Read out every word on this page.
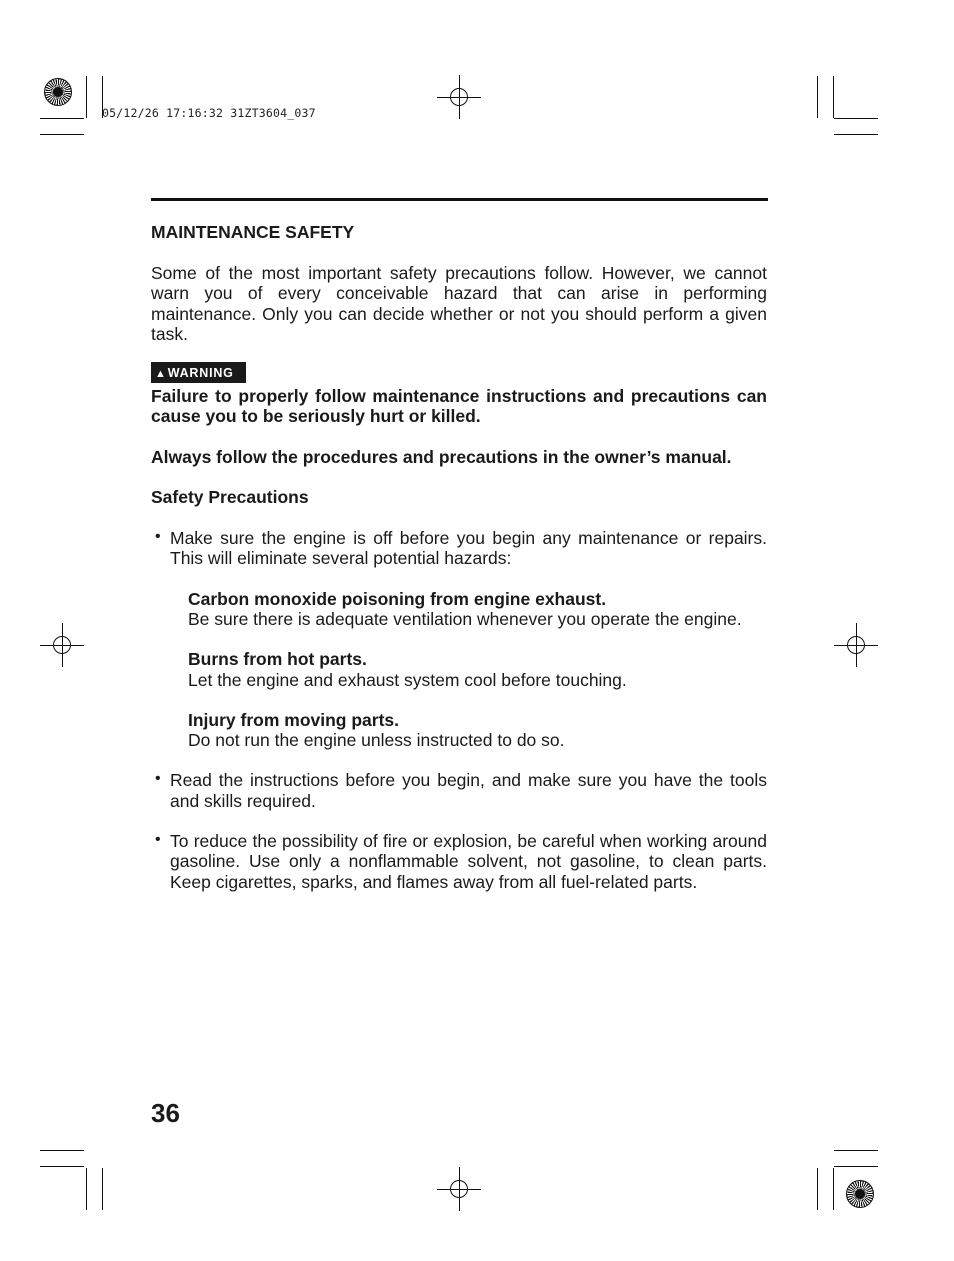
05/12/26 17:16:32 31ZT3604_037
MAINTENANCE SAFETY

Some of the most important safety precautions follow. However, we cannot warn you of every conceivable hazard that can arise in performing maintenance. Only you can decide whether or not you should perform a given task.

▲WARNING

Failure to properly follow maintenance instructions and precautions can cause you to be seriously hurt or killed.

Always follow the procedures and precautions in the owner’s manual.

Safety Precautions
• Make sure the engine is off before you begin any maintenance or repairs. This will eliminate several potential hazards:

Carbon monoxide poisoning from engine exhaust.

Be sure there is adequate ventilation whenever you operate the engine.

Burns from hot parts.

Let the engine and exhaust system cool before touching.

Injury from moving parts.

Do not run the engine unless instructed to do so.

• Read the instructions before you begin, and make sure you have the tools and skills required.

• To reduce the possibility of fire or explosion, be careful when working around gasoline. Use only a nonflammable solvent, not gasoline, to clean parts. Keep cigarettes, sparks, and flames away from all fuel-related parts.

36
